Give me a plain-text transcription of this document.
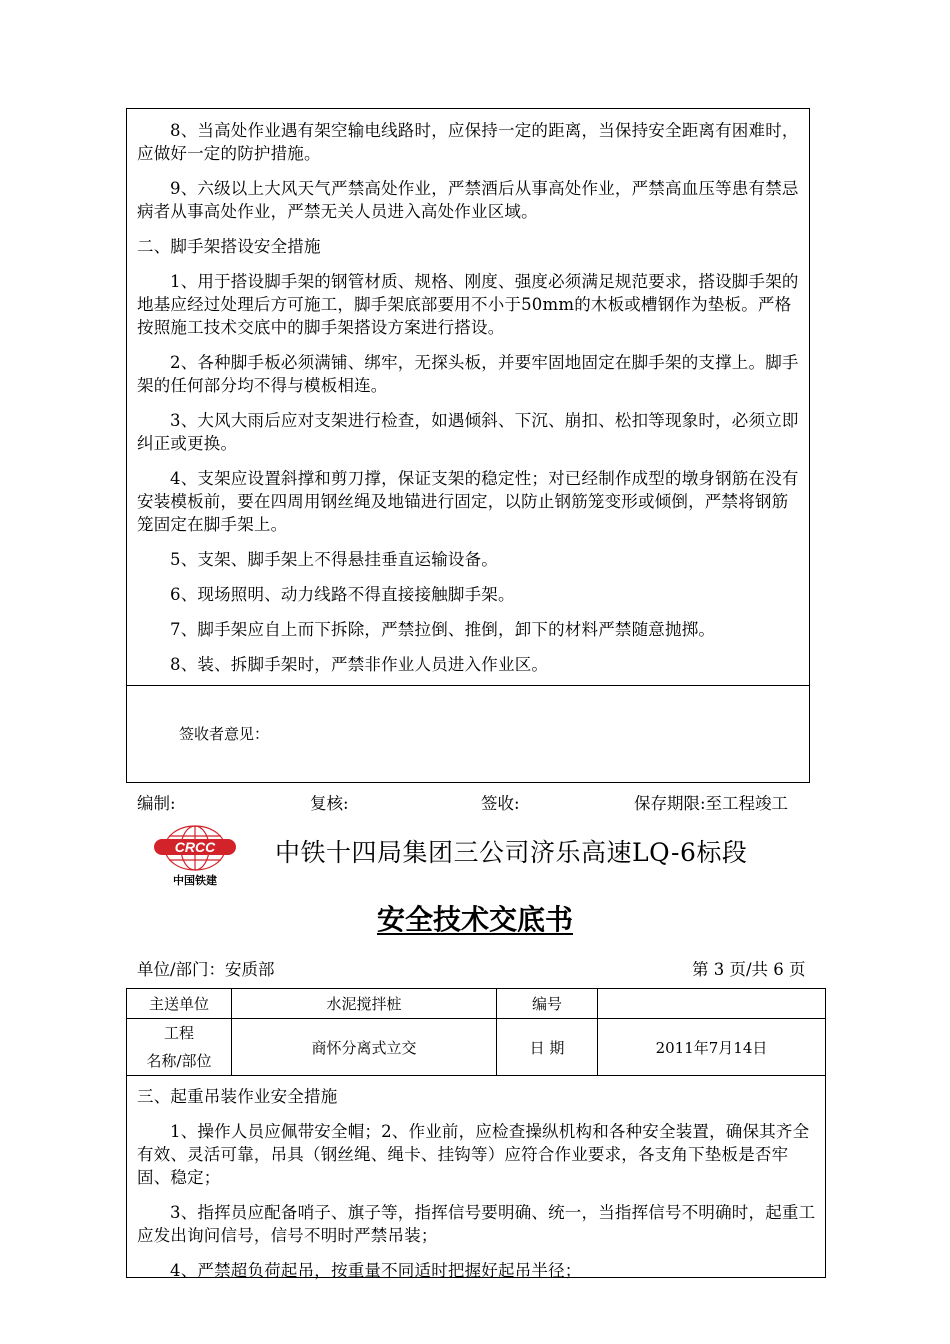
8、当高处作业遇有架空输电线路时，应保持一定的距离，当保持安全距离有困难时，应做好一定的防护措施。

9、六级以上大风天气严禁高处作业，严禁酒后从事高处作业，严禁高血压等患有禁忌病者从事高处作业，严禁无关人员进入高处作业区域。

二、脚手架搭设安全措施

1、用于搭设脚手架的钢管材质、规格、刚度、强度必须满足规范要求，搭设脚手架的地基应经过处理后方可施工，脚手架底部要用不小于50mm的木板或槽钢作为垫板。严格按照施工技术交底中的脚手架搭设方案进行搭设。

2、各种脚手板必须满铺、绑牢，无探头板，并要牢固地固定在脚手架的支撑上。脚手架的任何部分均不得与模板相连。

3、大风大雨后应对支架进行检查，如遇倾斜、下沉、崩扣、松扣等现象时，必须立即纠正或更换。

4、支架应设置斜撑和剪刀撑，保证支架的稳定性；对已经制作成型的墩身钢筋在没有安装模板前，要在四周用钢丝绳及地锚进行固定，以防止钢筋笼变形或倾倒，严禁将钢筋笼固定在脚手架上。

5、支架、脚手架上不得悬挂垂直运输设备。

6、现场照明、动力线路不得直接接触脚手架。

7、脚手架应自上而下拆除，严禁拉倒、推倒，卸下的材料严禁随意抛掷。

8、装、拆脚手架时，严禁非作业人员进入作业区。

签收者意见：
编制:	复核:	签收:	保存期限:至工程竣工
CRCC
中国铁建
中铁十四局集团三公司济乐高速LQ-6标段
安全技术交底书
单位/部门：安质部	第 3 页/共 6 页
主送单位	水泥搅拌桩	编号	

工程
名称/部位	商怀分离式立交	日 期	2011年7月14日

三、起重吊装作业安全措施

1、操作人员应佩带安全帽；2、作业前，应检查操纵机构和各种安全装置，确保其齐全有效、灵活可靠，吊具（钢丝绳、绳卡、挂钩等）应符合作业要求，各支角下垫板是否牢固、稳定；

3、指挥员应配备哨子、旗子等，指挥信号要明确、统一，当指挥信号不明确时，起重工应发出询问信号，信号不明时严禁吊装；

4、严禁超负荷起吊，按重量不同适时把握好起吊半径；
